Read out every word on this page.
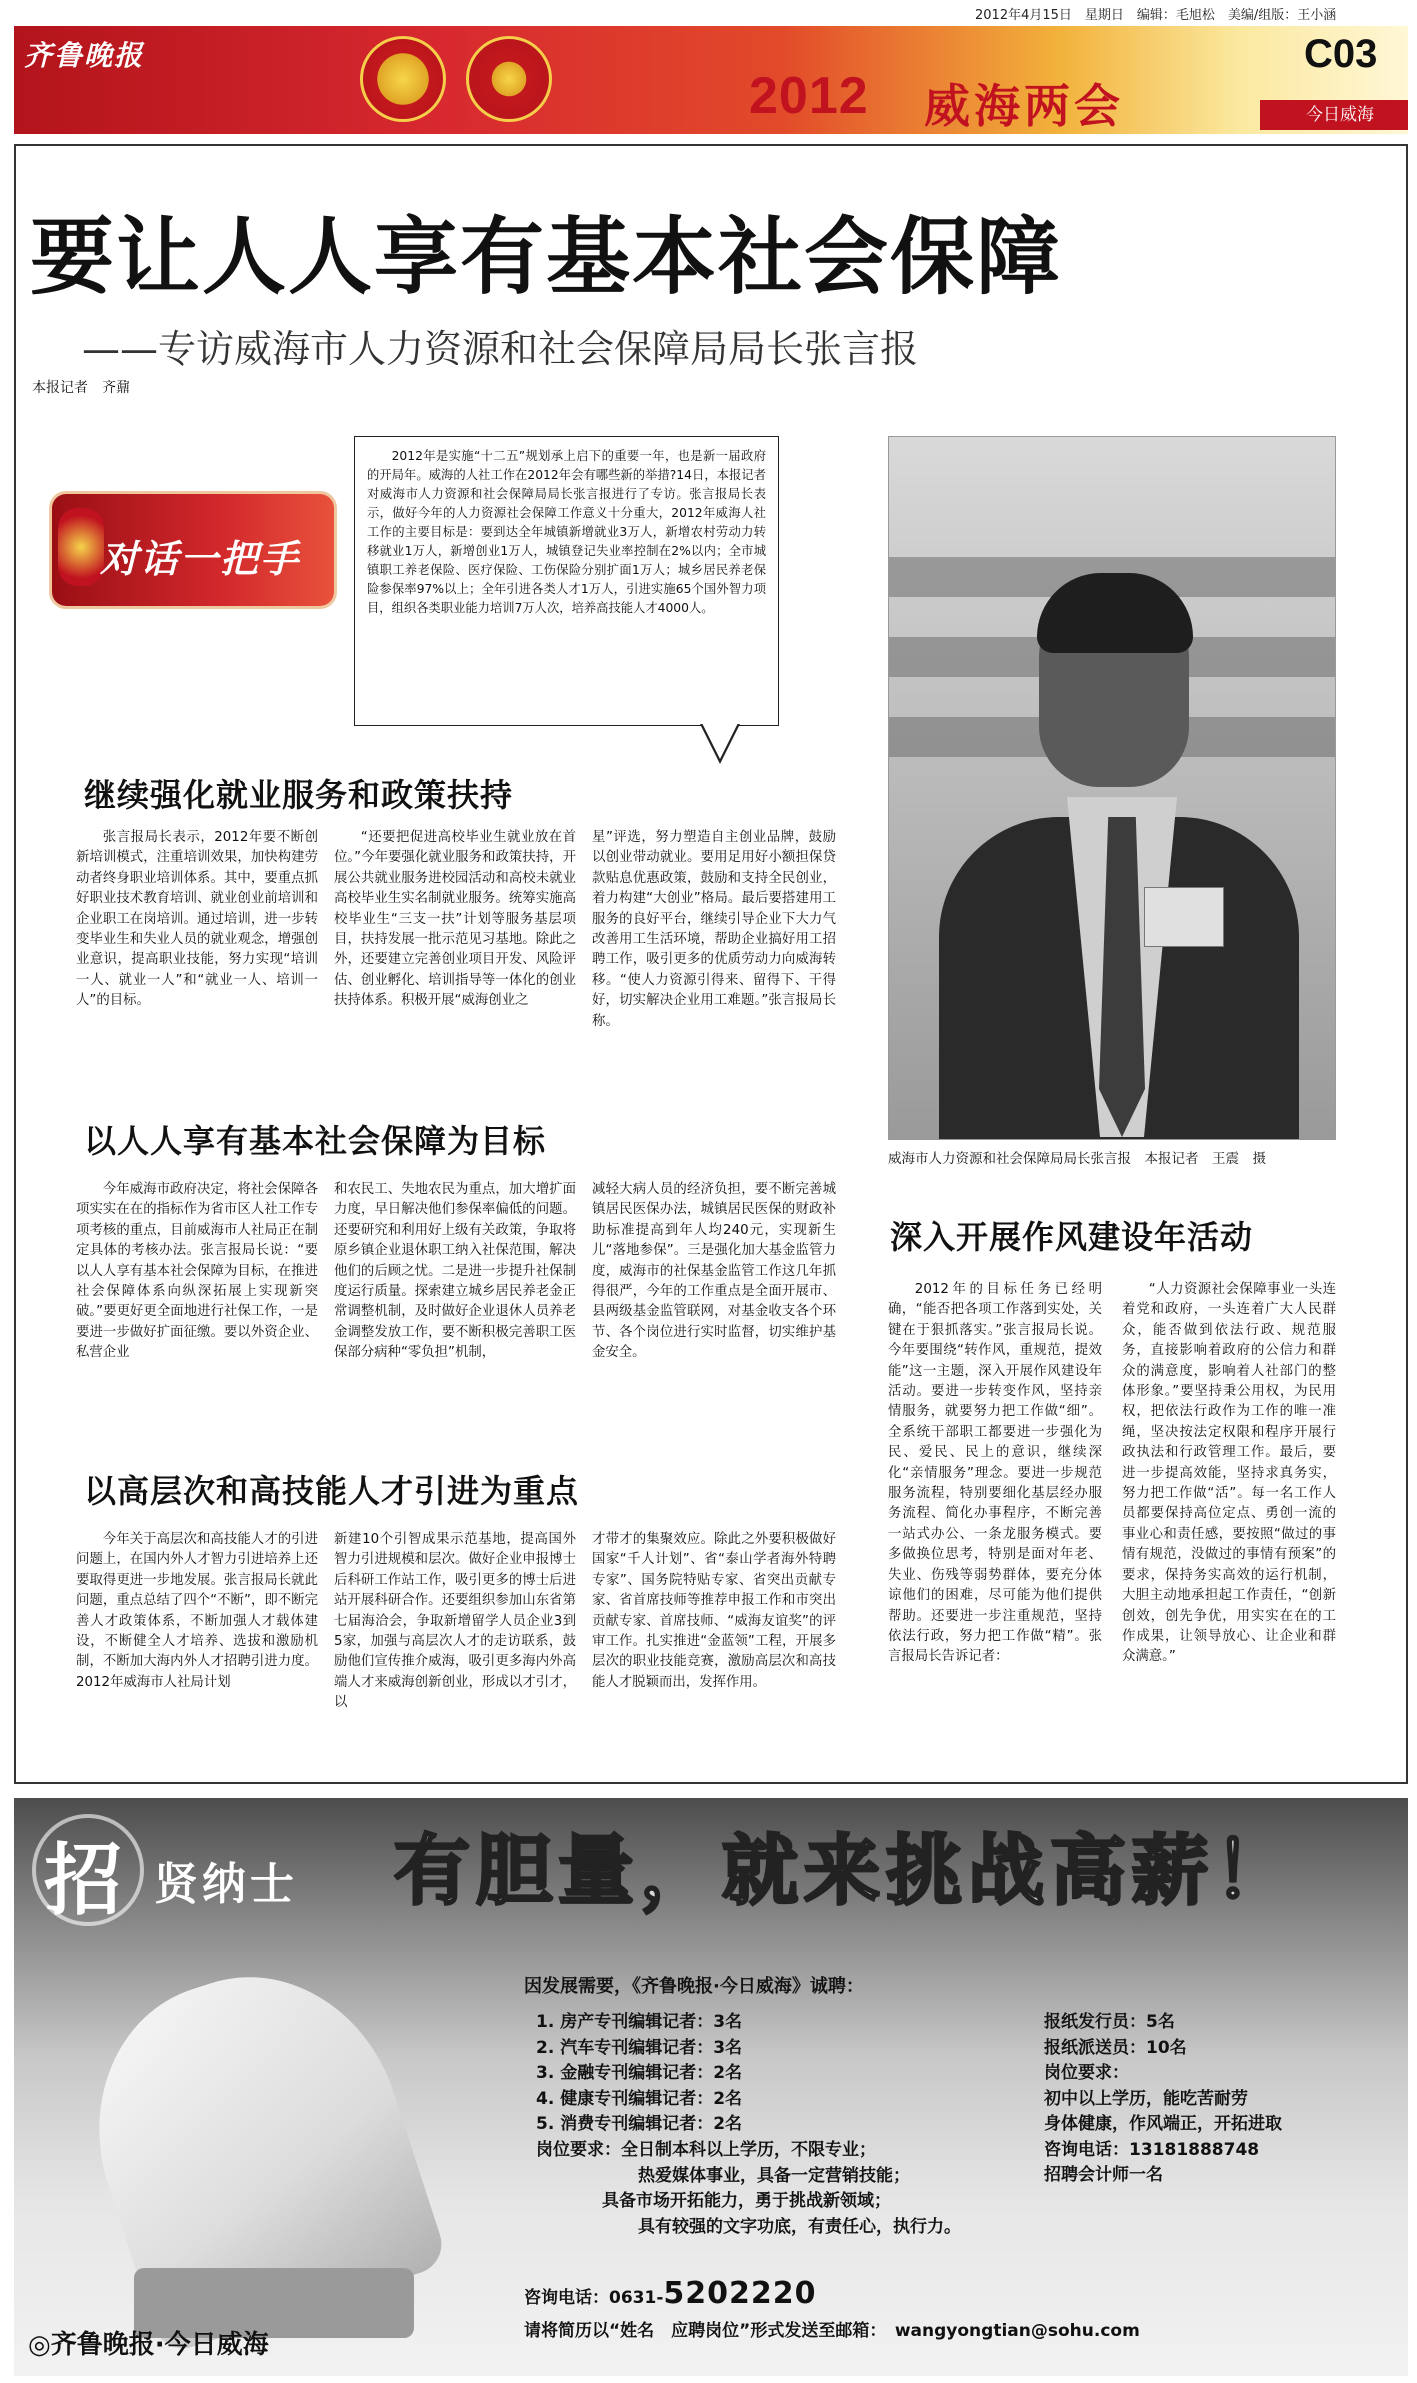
2012年4月15日　星期日　编辑：毛旭松　美编/组版：王小涵
齐鲁晚报
2012 威海两会
C03
今日威海
要让人人享有基本社会保障
——专访威海市人力资源和社会保障局局长张言报
本报记者　齐鼐
对话一把手
2012年是实施“十二五”规划承上启下的重要一年，也是新一届政府的开局年。威海的人社工作在2012年会有哪些新的举措?14日，本报记者对威海市人力资源和社会保障局局长张言报进行了专访。张言报局长表示，做好今年的人力资源社会保障工作意义十分重大，2012年威海人社工作的主要目标是：要到达全年城镇新增就业3万人，新增农村劳动力转移就业1万人，新增创业1万人，城镇登记失业率控制在2%以内；全市城镇职工养老保险、医疗保险、工伤保险分别扩面1万人；城乡居民养老保险参保率97%以上；全年引进各类人才1万人，引进实施65个国外智力项目，组织各类职业能力培训7万人次，培养高技能人才4000人。
威海市人力资源和社会保障局局长张言报　本报记者　王震　摄
继续强化就业服务和政策扶持

张言报局长表示，2012年要不断创新培训模式，注重培训效果，加快构建劳动者终身职业培训体系。其中，要重点抓好职业技术教育培训、就业创业前培训和企业职工在岗培训。通过培训，进一步转变毕业生和失业人员的就业观念，增强创业意识，提高职业技能，努力实现“培训一人、就业一人”和“就业一人、培训一人”的目标。

“还要把促进高校毕业生就业放在首位。”今年要强化就业服务和政策扶持，开展公共就业服务进校园活动和高校未就业高校毕业生实名制就业服务。统筹实施高校毕业生“三支一扶”计划等服务基层项目，扶持发展一批示范见习基地。除此之外，还要建立完善创业项目开发、风险评估、创业孵化、培训指导等一体化的创业扶持体系。积极开展“威海创业之

星”评选，努力塑造自主创业品牌，鼓励以创业带动就业。要用足用好小额担保贷款贴息优惠政策，鼓励和支持全民创业，着力构建“大创业”格局。最后要搭建用工服务的良好平台，继续引导企业下大力气改善用工生活环境，帮助企业搞好用工招聘工作，吸引更多的优质劳动力向威海转移。“使人力资源引得来、留得下、干得好，切实解决企业用工难题。”张言报局长称。

以人人享有基本社会保障为目标

今年威海市政府决定，将社会保障各项实实在在的指标作为省市区人社工作专项考核的重点，目前威海市人社局正在制定具体的考核办法。张言报局长说：“要以人人享有基本社会保障为目标，在推进社会保障体系向纵深拓展上实现新突破。”要更好更全面地进行社保工作，一是要进一步做好扩面征缴。要以外资企业、私营企业

和农民工、失地农民为重点，加大增扩面力度，早日解决他们参保率偏低的问题。还要研究和利用好上级有关政策，争取将原乡镇企业退休职工纳入社保范围，解决他们的后顾之忧。二是进一步提升社保制度运行质量。探索建立城乡居民养老金正常调整机制，及时做好企业退休人员养老金调整发放工作，要不断积极完善职工医保部分病种“零负担”机制，

减轻大病人员的经济负担，要不断完善城镇居民医保办法，城镇居民医保的财政补助标准提高到年人均240元，实现新生儿“落地参保”。三是强化加大基金监管力度，威海市的社保基金监管工作这几年抓得很严，今年的工作重点是全面开展市、县两级基金监管联网，对基金收支各个环节、各个岗位进行实时监督，切实维护基金安全。

以高层次和高技能人才引进为重点

今年关于高层次和高技能人才的引进问题上，在国内外人才智力引进培养上还要取得更进一步地发展。张言报局长就此问题，重点总结了四个“不断”，即不断完善人才政策体系，不断加强人才载体建设，不断健全人才培养、选拔和激励机制，不断加大海内外人才招聘引进力度。2012年威海市人社局计划

新建10个引智成果示范基地，提高国外智力引进规模和层次。做好企业申报博士后科研工作站工作，吸引更多的博士后进站开展科研合作。还要组织参加山东省第七届海洽会，争取新增留学人员企业3到5家，加强与高层次人才的走访联系，鼓励他们宣传推介威海，吸引更多海内外高端人才来威海创新创业，形成以才引才，以

才带才的集聚效应。除此之外要积极做好国家“千人计划”、省“泰山学者海外特聘专家”、国务院特贴专家、省突出贡献专家、省首席技师等推荐申报工作和市突出贡献专家、首席技师、“威海友谊奖”的评审工作。扎实推进“金蓝领”工程，开展多层次的职业技能竞赛，激励高层次和高技能人才脱颖而出，发挥作用。

深入开展作风建设年活动

2012年的目标任务已经明确，“能否把各项工作落到实处，关键在于狠抓落实。”张言报局长说。今年要围绕“转作风，重规范，提效能”这一主题，深入开展作风建设年活动。要进一步转变作风，坚持亲情服务，就要努力把工作做“细”。全系统干部职工都要进一步强化为民、爱民、民上的意识，继续深化“亲情服务”理念。要进一步规范服务流程，特别要细化基层经办服务流程、简化办事程序，不断完善一站式办公、一条龙服务模式。要多做换位思考，特别是面对年老、失业、伤残等弱势群体，要充分体谅他们的困难，尽可能为他们提供帮助。还要进一步注重规范，坚持依法行政，努力把工作做“精”。张言报局长告诉记者：

“人力资源社会保障事业一头连着党和政府，一头连着广大人民群众，能否做到依法行政、规范服务，直接影响着政府的公信力和群众的满意度，影响着人社部门的整体形象。”要坚持秉公用权，为民用权，把依法行政作为工作的唯一准绳，坚决按法定权限和程序开展行政执法和行政管理工作。最后，要进一步提高效能，坚持求真务实，努力把工作做“活”。每一名工作人员都要保持高位定点、勇创一流的事业心和责任感，要按照“做过的事情有规范，没做过的事情有预案”的要求，保持务实高效的运行机制，大胆主动地承担起工作责任，“创新创效，创先争优，用实实在在的工作成果，让领导放心、让企业和群众满意。”

招 贤纳士 有胆量，就来挑战高薪！
因发展需要，《齐鲁晚报·今日威海》诚聘：
1. 房产专刊编辑记者：3名
2. 汽车专刊编辑记者：3名
3. 金融专刊编辑记者：2名
4. 健康专刊编辑记者：2名
5. 消费专刊编辑记者：2名
岗位要求： 全日制本科以上学历，不限专业；
热爱媒体事业，具备一定营销技能；
具备市场开拓能力，勇于挑战新领域；
具有较强的文字功底，有责任心，执行力。
报纸发行员：5名
报纸派送员：10名
岗位要求：
初中以上学历，能吃苦耐劳
身体健康，作风端正，开拓进取
咨询电话：13181888748
招聘会计师一名
咨询电话：0631-5202220
请将简历以“姓名　应聘岗位”形式发送至邮箱：　wangyongtian@sohu.com
◎齐鲁晚报·今日威海
